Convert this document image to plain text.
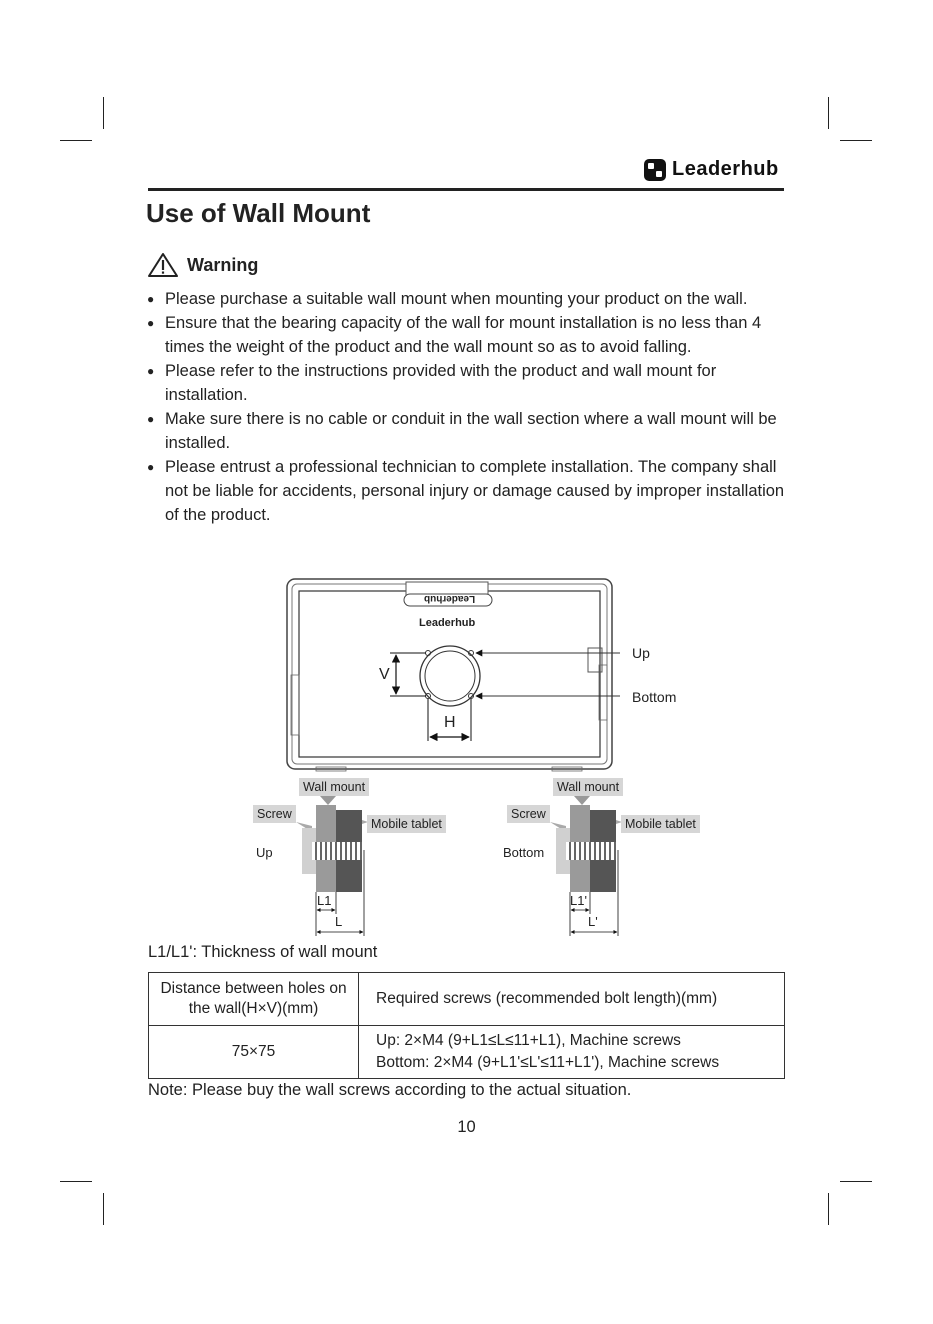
Leaderhub
Use of Wall Mount
Warning
● Please purchase a suitable wall mount when mounting your product on the wall.
● Ensure that the bearing capacity of the wall for mount installation is no less than 4 times the weight of the product and the wall mount so as to avoid falling.
● Please refer to the instructions provided with the product and wall mount for installation.
● Make sure there is no cable or conduit in the wall section where a wall mount will be installed.
● Please entrust a professional technician to complete installation. The company shall not be liable for accidents, personal injury or damage caused by improper installation of the product.
Leaderhub
Leaderhub
V
H
Up
Bottom
Wall mount
Screw
Mobile tablet
Up
L1
L
Wall mount
Screw
Mobile tablet
Bottom
L1'
L'
L1/L1': Thickness of wall mount
Distance between holes on the wall(H×V)(mm)	Required screws (recommended bolt length)(mm)
75×75	Up: 2×M4 (9+L1≤L≤11+L1), Machine screws
Bottom: 2×M4 (9+L1'≤L'≤11+L1'), Machine screws
Note: Please buy the wall screws according to the actual situation.
10
